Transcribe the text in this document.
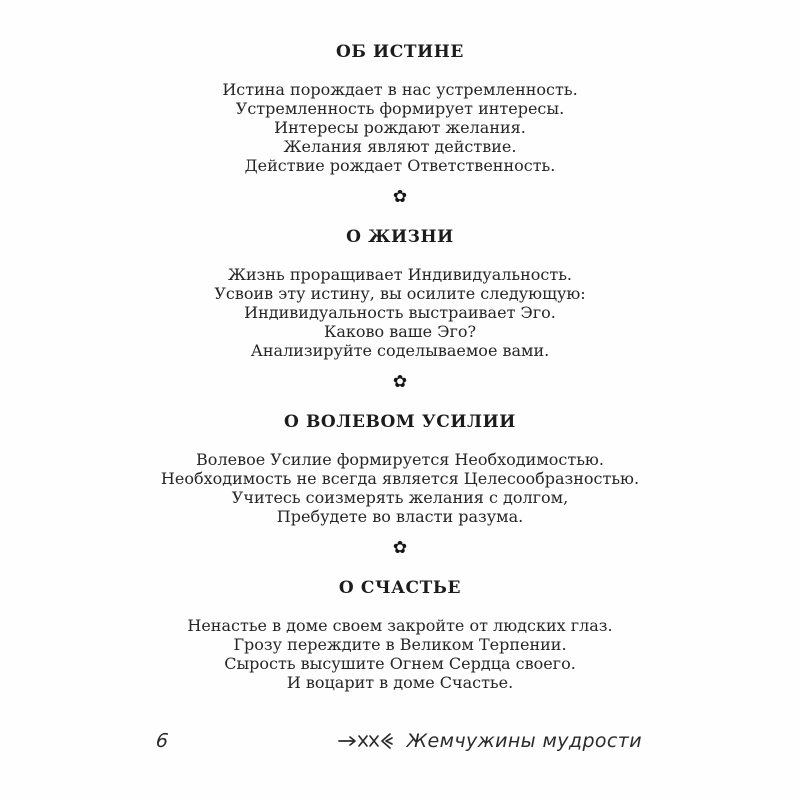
ОБ ИСТИНЕ

Истина порождает в нас устремленность.

Устремленность формирует интересы.

Интересы рождают желания.

Желания являют действие.

Действие рождает Ответственность.

✿
О ЖИЗНИ

Жизнь проращивает Индивидуальность.

Усвоив эту истину, вы осилите следующую:

Индивидуальность выстраивает Эго.

Каково ваше Эго?

Анализируйте соделываемое вами.

✿
О ВОЛЕВОМ УСИЛИИ

Волевое Усилие формируется Необходимостью.

Необходимость не всегда является Целесообразностью.

Учитесь соизмерять желания с долгом,

Пребудете во власти разума.

✿
О СЧАСТЬЕ

Ненастье в доме своем закройте от людских глаз.

Грозу переждите в Великом Терпении.

Сырость высушите Огнем Сердца своего.

И воцарит в доме Счастье.

6	Жемчужины мудрости
